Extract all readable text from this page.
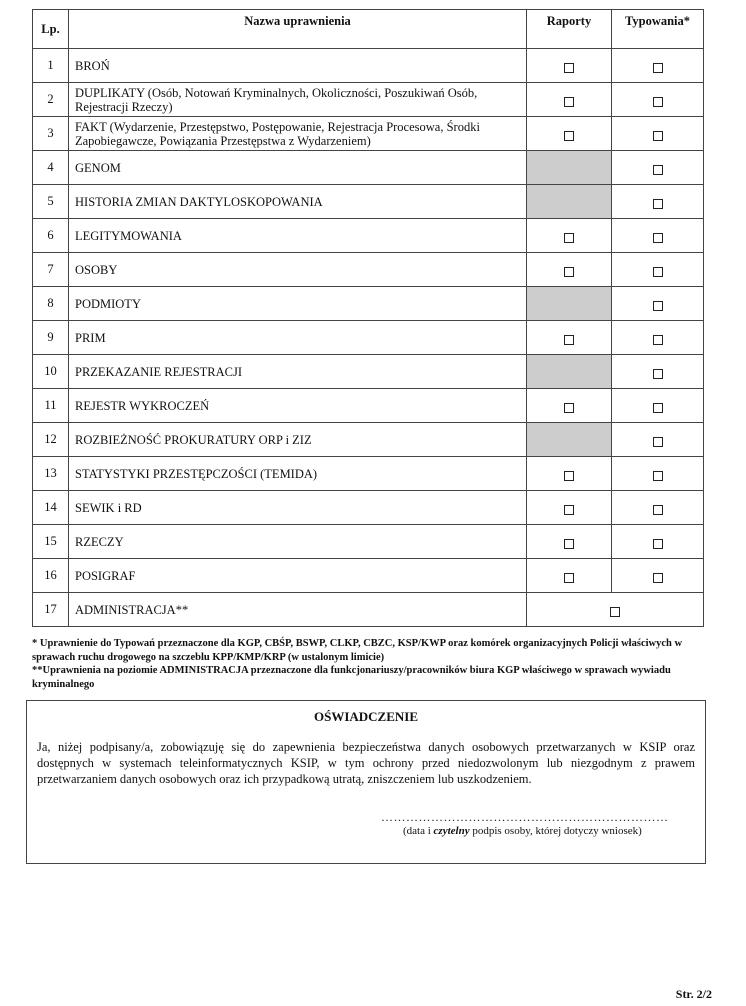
Lp.	Nazwa uprawnienia	Raporty	Typowania*
1	BROŃ		
2	DUPLIKATY (Osób, Notowań Kryminalnych, Okoliczności, Poszukiwań Osób, Rejestracji Rzeczy)		
3	FAKT (Wydarzenie, Przestępstwo, Postępowanie, Rejestracja Procesowa, Środki Zapobiegawcze, Powiązania Przestępstwa z Wydarzeniem)		
4	GENOM		
5	HISTORIA ZMIAN DAKTYLOSKOPOWANIA		
6	LEGITYMOWANIA		
7	OSOBY		
8	PODMIOTY		
9	PRIM		
10	PRZEKAZANIE REJESTRACJI		
11	REJESTR WYKROCZEŃ		
12	ROZBIEŻNOŚĆ PROKURATURY ORP i ZIZ		
13	STATYSTYKI PRZESTĘPCZOŚCI (TEMIDA)		
14	SEWIK i RD		
15	RZECZY		
16	POSIGRAF		
17	ADMINISTRACJA**		

* Uprawnienie do Typowań przeznaczone dla KGP, CBŚP, BSWP, CLKP, CBZC, KSP/KWP oraz komórek organizacyjnych Policji właściwych w sprawach ruchu drogowego na szczeblu KPP/KMP/KRP (w ustalonym limicie)

**Uprawnienia na poziomie ADMINISTRACJA przeznaczone dla funkcjonariuszy/pracowników biura KGP właściwego w sprawach wywiadu kryminalnego

OŚWIADCZENIE
Ja, niżej podpisany/a, zobowiązuję się do zapewnienia bezpieczeństwa danych osobowych przetwarzanych w KSIP oraz dostępnych w systemach teleinformatycznych KSIP, w tym ochrony przed niedozwolonym lub niezgodnym z prawem przetwarzaniem danych osobowych oraz ich przypadkową utratą, zniszczeniem lub uszkodzeniem.
……………………………………………………………
(data i czytelny podpis osoby, której dotyczy wniosek)
Str. 2/2
